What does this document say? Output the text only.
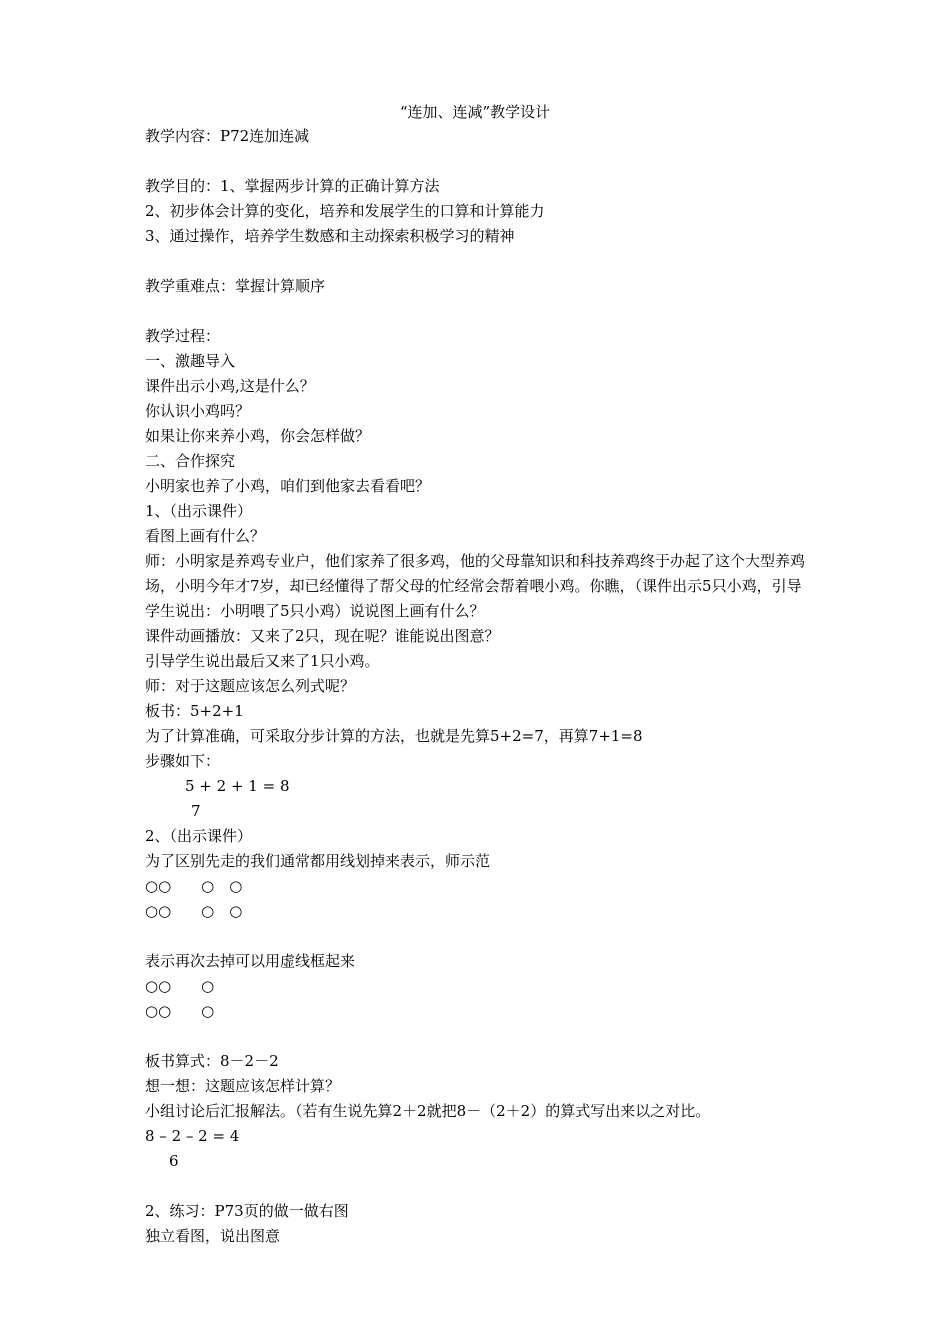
“连加、连减”教学设计
教学内容：P72连加连减
教学目的：1、掌握两步计算的正确计算方法
2、初步体会计算的变化，培养和发展学生的口算和计算能力
3、通过操作，培养学生数感和主动探索积极学习的精神
教学重难点：掌握计算顺序
教学过程：
一、激趣导入
课件出示小鸡,这是什么？
你认识小鸡吗？
如果让你来养小鸡，你会怎样做？
二、合作探究
小明家也养了小鸡，咱们到他家去看看吧？
1、（出示课件）
看图上画有什么？
师：小明家是养鸡专业户，他们家养了很多鸡，他的父母靠知识和科技养鸡终于办起了这个大型养鸡场，小明今年才7岁，却已经懂得了帮父母的忙经常会帮着喂小鸡。你瞧，（课件出示5只小鸡，引导学生说出：小明喂了5只小鸡）说说图上画有什么？
课件动画播放：又来了2只，现在呢？谁能说出图意？
引导学生说出最后又来了1只小鸡。
师：对于这题应该怎么列式呢？
板书：5+2+1
为了计算准确，可采取分步计算的方法，也就是先算5+2=7，再算7+1=8
步骤如下：
5 + 2 + 1 = 8
7
2、（出示课件）
为了区别先走的我们通常都用线划掉来表示，师示范
○○　　○　○
○○　　○　○
表示再次去掉可以用虚线框起来
○○　　○
○○　　○
板书算式：8－2－2
想一想：这题应该怎样计算？
小组讨论后汇报解法。（若有生说先算2＋2就把8－（2＋2）的算式写出来以之对比。
8 – 2 – 2 = 4
6
2、练习：P73页的做一做右图
独立看图，说出图意
